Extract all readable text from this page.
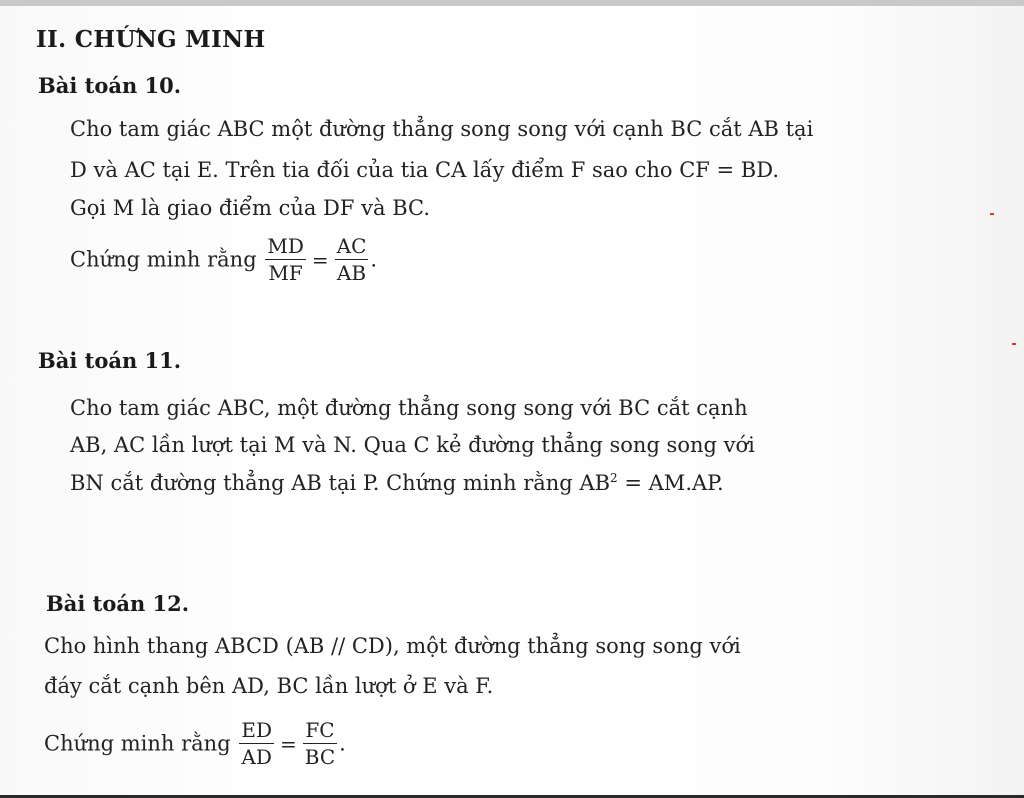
II. CHỨNG MINH
Bài toán 10.
Cho tam giác ABC một đường thẳng song song với cạnh BC cắt AB tại
D và AC tại E. Trên tia đối của tia CA lấy điểm F sao cho CF = BD.
Gọi M là giao điểm của DF và BC.
Chứng minh rằng $\frac{MD}{MF} = \frac{AC}{AB}$ .
Bài toán 11.
Cho tam giác ABC, một đường thẳng song song với BC cắt cạnh
AB, AC lần lượt tại M và N. Qua C kẻ đường thẳng song song với
BN cắt đường thẳng AB tại P. Chứng minh rằng $AB^2 = AM.AP$.
Bài toán 12.
Cho hình thang ABCD (AB // CD), một đường thẳng song song với
đáy cắt cạnh bên AD, BC lần lượt ở E và F.
Chứng minh rằng $\frac{ED}{AD} = \frac{FC}{BC}$ .
